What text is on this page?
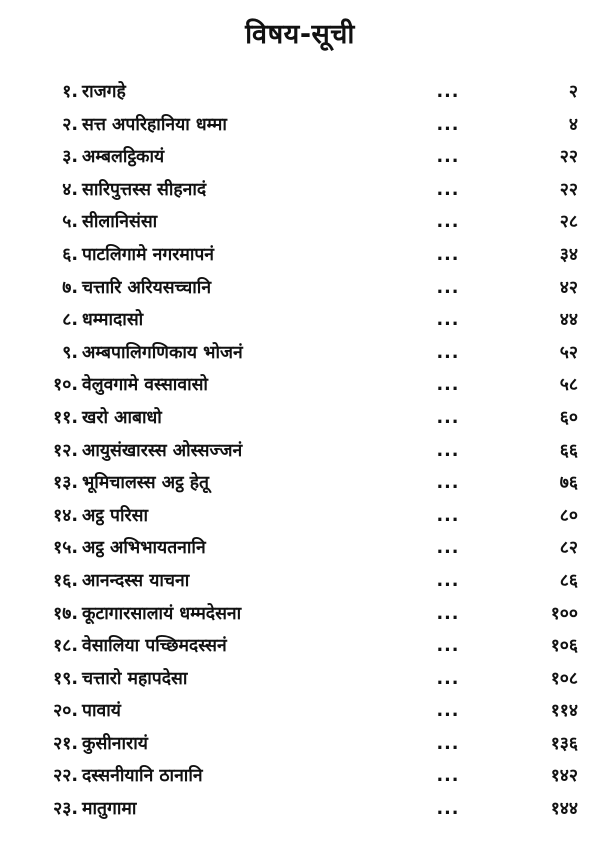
विषय-सूची
१. राजगहे	...	२
२. सत्त अपरिहानिया धम्मा	...	४
३. अम्बलट्ठिकायं	...	२२
४. सारिपुत्तस्स सीहनादं	...	२२
५. सीलानिसंसा	...	२८
६. पाटलिगामे नगरमापनं	...	३४
७. चत्तारि अरियसच्चानि	...	४२
८. धम्मादासो	...	४४
९. अम्बपालिगणिकाय भोजनं	...	५२
१०. वेलुवगामे वस्सावासो	...	५८
११. खरो आबाधो	...	६०
१२. आयुसंखारस्स ओस्सज्जनं	...	६६
१३. भूमिचालस्स अट्ठ हेतू	...	७६
१४. अट्ठ परिसा	...	८०
१५. अट्ठ अभिभायतनानि	...	८२
१६. आनन्दस्स याचना	...	८६
१७. कूटागारसालायं धम्मदेसना	...	१००
१८. वेसालिया पच्छिमदस्सनं	...	१०६
१९. चत्तारो महापदेसा	...	१०८
२०. पावायं	...	११४
२१. कुसीनारायं	...	१३६
२२. दस्सनीयानि ठानानि	...	१४२
२३. मातुगामा	...	१४४
